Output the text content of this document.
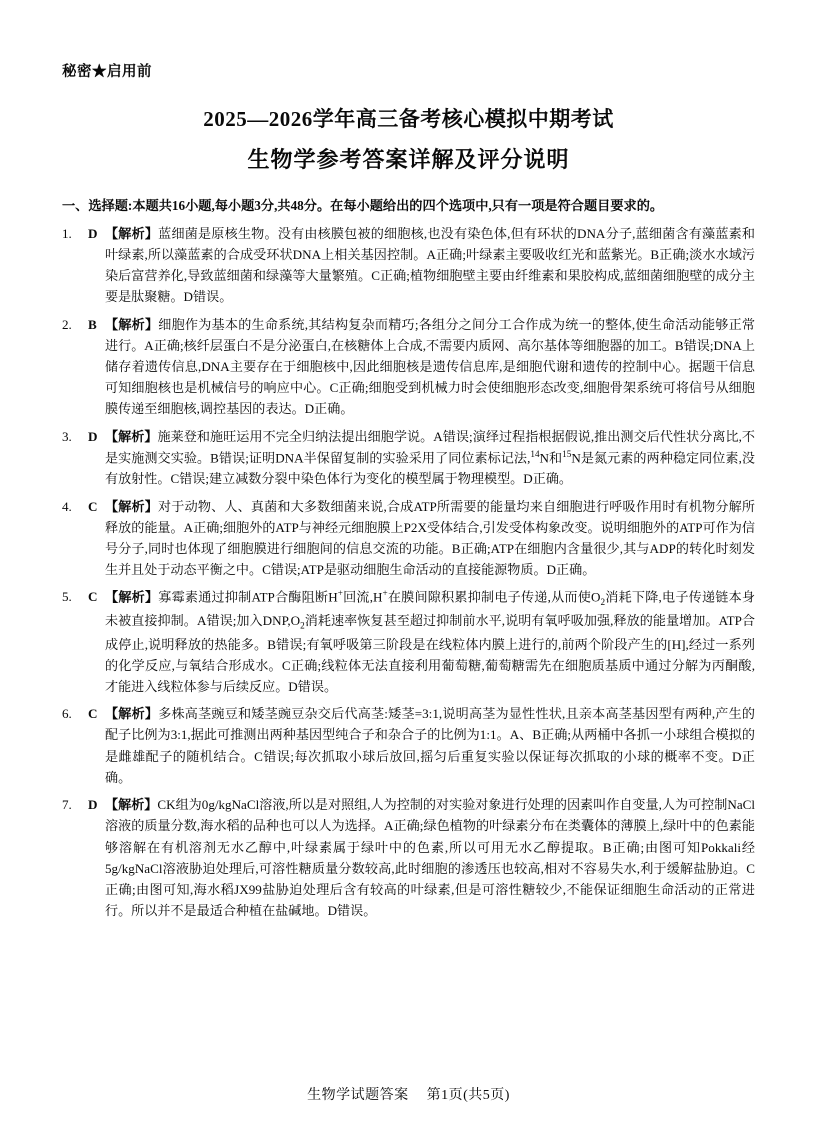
秘密★启用前
2025—2026学年高三备考核心模拟中期考试
生物学参考答案详解及评分说明
一、选择题:本题共16小题,每小题3分,共48分。在每小题给出的四个选项中,只有一项是符合题目要求的。
1.	D 【解析】蓝细菌是原核生物。没有由核膜包被的细胞核,也没有染色体,但有环状的DNA分子,蓝细菌含有藻蓝素和叶绿素,所以藻蓝素的合成受环状DNA上相关基因控制。A正确;叶绿素主要吸收红光和蓝紫光。B正确;淡水水域污染后富营养化,导致蓝细菌和绿藻等大量繁殖。C正确;植物细胞壁主要由纤维素和果胶构成,蓝细菌细胞壁的成分主要是肽聚糖。D错误。
2.	B 【解析】细胞作为基本的生命系统,其结构复杂而精巧;各组分之间分工合作成为统一的整体,使生命活动能够正常进行。A正确;核纤层蛋白不是分泌蛋白,在核糖体上合成,不需要内质网、高尔基体等细胞器的加工。B错误;DNA上储存着遗传信息,DNA主要存在于细胞核中,因此细胞核是遗传信息库,是细胞代谢和遗传的控制中心。据题干信息可知细胞核也是机械信号的响应中心。C正确;细胞受到机械力时会使细胞形态改变,细胞骨架系统可将信号从细胞膜传递至细胞核,调控基因的表达。D正确。
3.	D 【解析】施莱登和施旺运用不完全归纳法提出细胞学说。A错误;演绎过程指根据假说,推出测交后代性状分离比,不是实施测交实验。B错误;证明DNA半保留复制的实验采用了同位素标记法,$^{14}$N和$^{15}$N是氮元素的两种稳定同位素,没有放射性。C错误;建立减数分裂中染色体行为变化的模型属于物理模型。D正确。
4.	C 【解析】对于动物、人、真菌和大多数细菌来说,合成ATP所需要的能量均来自细胞进行呼吸作用时有机物分解所释放的能量。A正确;细胞外的ATP与神经元细胞膜上P2X受体结合,引发受体构象改变。说明细胞外的ATP可作为信号分子,同时也体现了细胞膜进行细胞间的信息交流的功能。B正确;ATP在细胞内含量很少,其与ADP的转化时刻发生并且处于动态平衡之中。C错误;ATP是驱动细胞生命活动的直接能源物质。D正确。
5.	C 【解析】寡霉素通过抑制ATP合酶阻断H+回流,H+在膜间隙积累抑制电子传递,从而使$O_2$消耗下降,电子传递链本身未被直接抑制。A错误;加入$DNP,O_2$消耗速率恢复甚至超过抑制前水平,说明有氧呼吸加强,释放的能量增加。ATP合成停止,说明释放的热能多。B错误;有氧呼吸第三阶段是在线粒体内膜上进行的,前两个阶段产生的[H],经过一系列的化学反应,与氧结合形成水。C正确;线粒体无法直接利用葡萄糖,葡萄糖需先在细胞质基质中通过分解为丙酮酸,才能进入线粒体参与后续反应。D错误。
6.	C 【解析】多株高茎豌豆和矮茎豌豆杂交后代高茎:矮茎=3:1,说明高茎为显性性状,且亲本高茎基因型有两种,产生的配子比例为3:1,据此可推测出两种基因型纯合子和杂合子的比例为1:1。A、B正确;从两桶中各抓一小球组合模拟的是雌雄配子的随机结合。C错误;每次抓取小球后放回,摇匀后重复实验以保证每次抓取的小球的概率不变。D正确。
7.	D 【解析】CK组为0g/kgNaCl溶液,所以是对照组,人为控制的对实验对象进行处理的因素叫作自变量,人为可控制NaCl溶液的质量分数,海水稻的品种也可以人为选择。A正确;绿色植物的叶绿素分布在类囊体的薄膜上,绿叶中的色素能够溶解在有机溶剂无水乙醇中,叶绿素属于绿叶中的色素,所以可用无水乙醇提取。B正确;由图可知Pokkali经5g/kgNaCl溶液胁迫处理后,可溶性糖质量分数较高,此时细胞的渗透压也较高,相对不容易失水,利于缓解盐胁迫。C正确;由图可知,海水稻JX99盐胁迫处理后含有较高的叶绿素,但是可溶性糖较少,不能保证细胞生命活动的正常进行。所以并不是最适合种植在盐碱地。D错误。
生物学试题答案 第1页(共5页)
